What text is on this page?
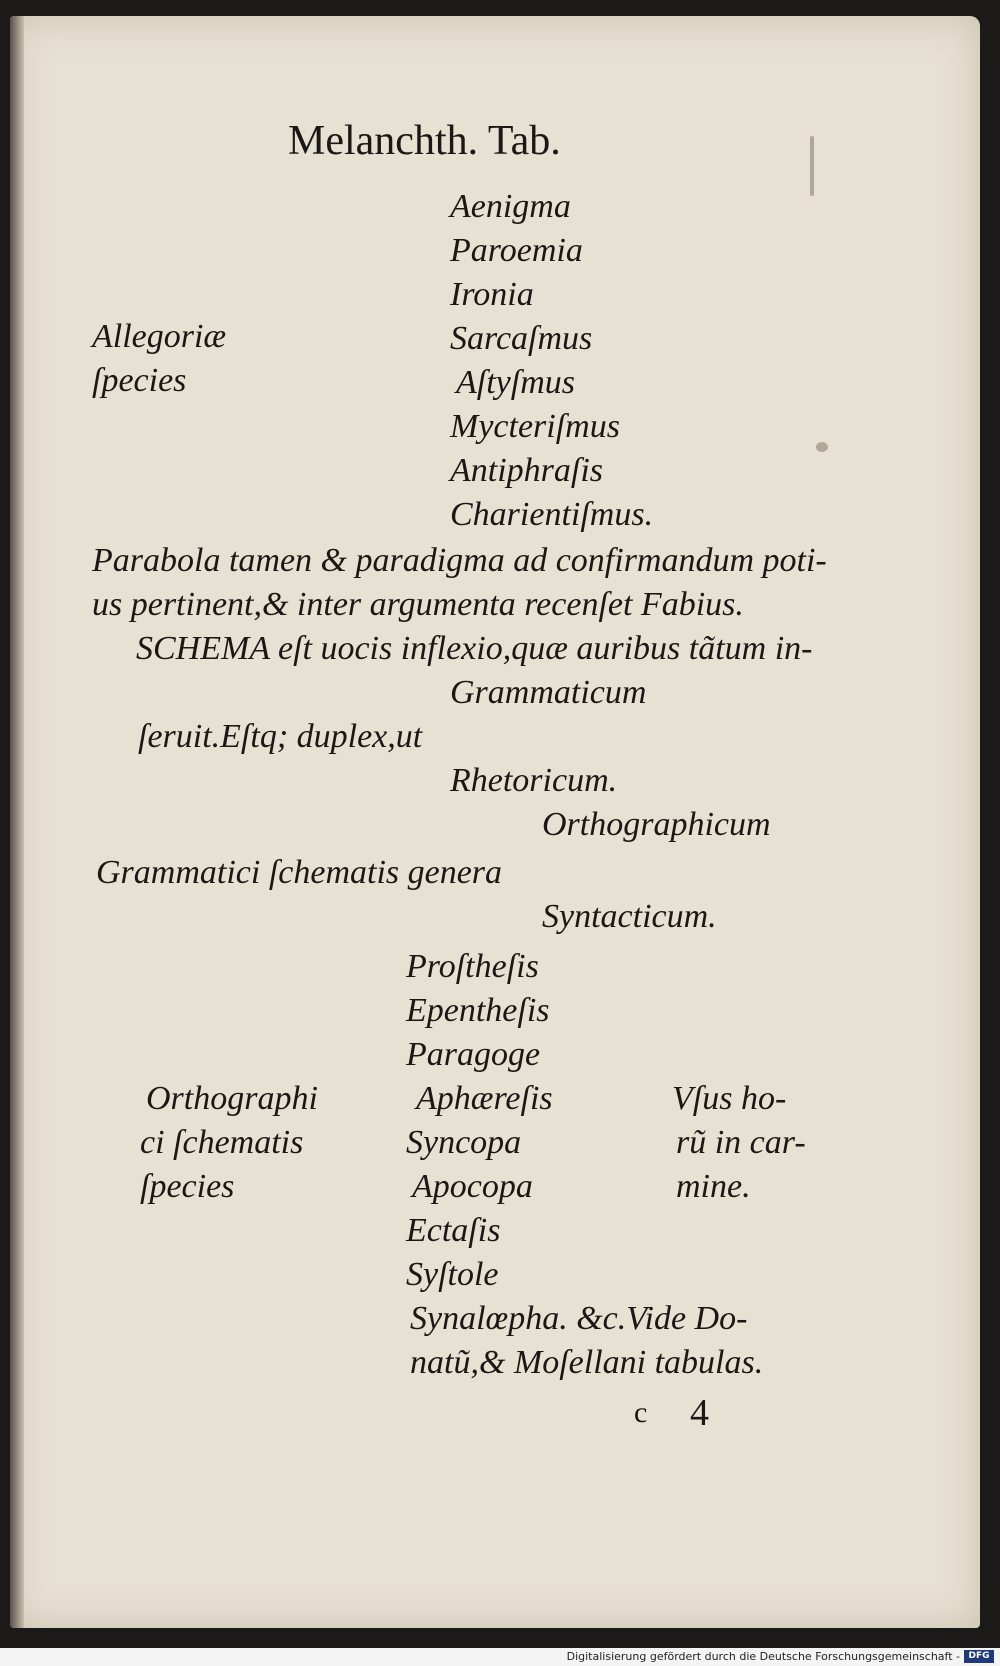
Melanchth. Tab.
Aenigma
Paroemia
Ironia
Sarcaſmus
Aſtyſmus
Mycteriſmus
Antiphraſis
Charientiſmus.
Allegoriæ
ſpecies
Parabola tamen & paradigma ad confirmandum poti-
us pertinent,& inter argumenta recenſet Fabius.
SCHEMA eſt uocis inflexio,quæ auribus tãtum in-
Grammaticum
ſeruit.Eſtq; duplex,ut
Rhetoricum.
Orthographicum
Grammatici ſchematis genera
Syntacticum.
Proſtheſis
Epentheſis
Paragoge
Aphæreſis
Syncopa
Apocopa
Ectaſis
Syſtole
Synalœpha. &c.Vide Do-
natũ,& Moſellani tabulas.
Orthographi
ci ſchematis
ſpecies
Vſus ho-
rũ in car-
mine.
c 4
Digitalisierung gefördert durch die Deutsche Forschungsgemeinschaft - DFG
